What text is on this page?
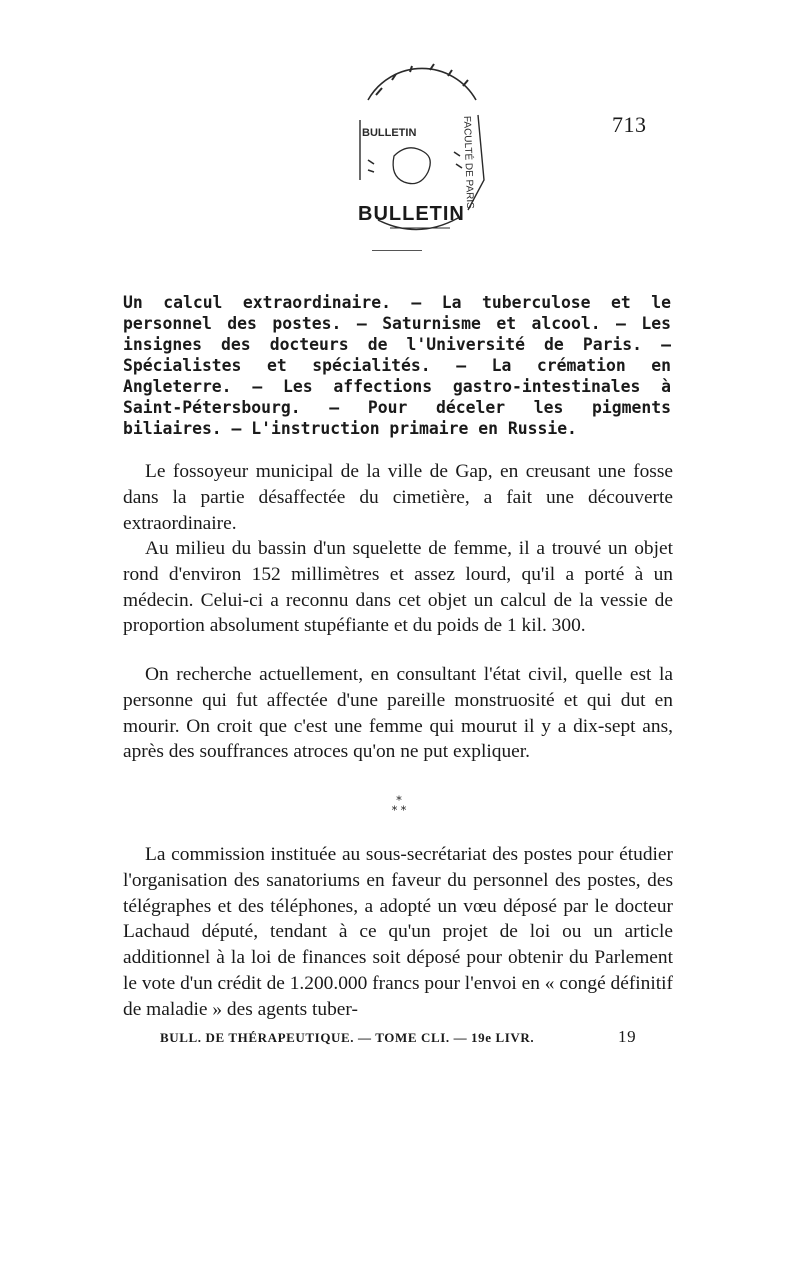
713
BULLETIN	FACULTÉ DE PARIS
BULLETIN

Un calcul extraordinaire. — La tuberculose et le personnel des postes. — Saturnisme et alcool. — Les insignes des docteurs de l'Université de Paris. — Spécialistes et spécialités. — La crémation en Angleterre. — Les affections gastro-intestinales à Saint-Pétersbourg. — Pour déceler les pigments biliaires. — L'instruction primaire en Russie.

Le fossoyeur municipal de la ville de Gap, en creusant une fosse dans la partie désaffectée du cimetière, a fait une découverte extraordinaire.

Au milieu du bassin d'un squelette de femme, il a trouvé un objet rond d'environ 152 millimètres et assez lourd, qu'il a porté à un médecin. Celui-ci a reconnu dans cet objet un calcul de la vessie de proportion absolument stupéfiante et du poids de 1 kil. 300.

On recherche actuellement, en consultant l'état civil, quelle est la personne qui fut affectée d'une pareille monstruosité et qui dut en mourir. On croit que c'est une femme qui mourut il y a dix-sept ans, après des souffrances atroces qu'on ne put expliquer.

*
* *

La commission instituée au sous-secrétariat des postes pour étudier l'organisation des sanatoriums en faveur du personnel des postes, des télégraphes et des téléphones, a adopté un vœu déposé par le docteur Lachaud député, tendant à ce qu'un projet de loi ou un article additionnel à la loi de finances soit déposé pour obtenir du Parlement le vote d'un crédit de 1.200.000 francs pour l'envoi en « congé définitif de maladie » des agents tuber-

BULL. DE THÉRAPEUTIQUE. — TOME CLI. — 19e LIVR.	19
